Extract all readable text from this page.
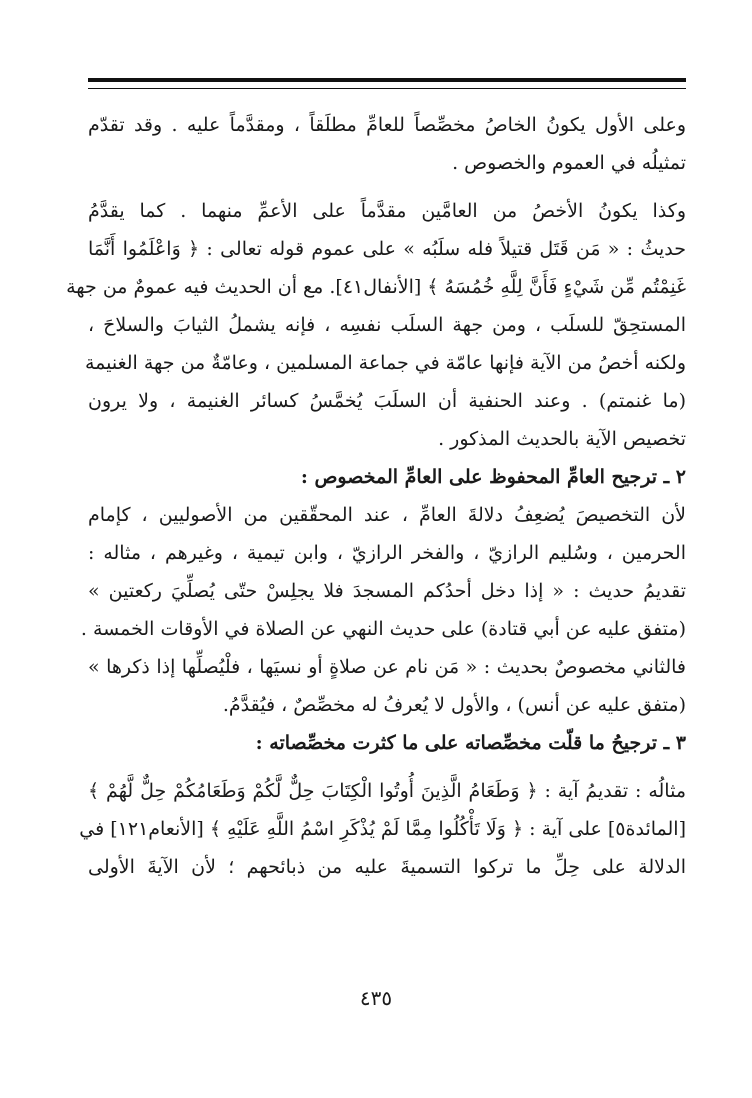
وعلى الأول يكونُ الخاصُ مخصِّصاً للعامِّ مطلَقاً ، ومقدَّماً عليه . وقد تقدّم
تمثيلُه في العموم والخصوص .
وكذا يكونُ الأخصُ من العامَّين مقدَّماً على الأعمِّ منهما . كما يقدَّمُ
حديثُ : « مَن قَتَل قتيلاً فله سلَبُه » على عموم قوله تعالى : ﴿ وَاعْلَمُوا أَنَّمَا
غَنِمْتُم مِّن شَيْءٍ فَأَنَّ لِلَّهِ خُمُسَهُ ﴾ [الأنفال٤١]. مع أن الحديث فيه عمومٌ من جهة
المستحِقّ للسلَب ، ومن جهة السلَب نفسِه ، فإنه يشملُ الثيابَ والسلاحَ ،
ولكنه أخصُ من الآية فإنها عامّة في جماعة المسلمين ، وعامّةٌ من جهة الغنيمة
(ما غنمتم) . وعند الحنفية أن السلَبَ يُخمَّسُ كسائر الغنيمة ، ولا يرون
تخصيص الآية بالحديث المذكور .
٢ ـ ترجيح العامِّ المحفوظ على العامِّ المخصوص :
لأن التخصيصَ يُضعِفُ دلالةَ العامِّ ، عند المحقّقين من الأصوليين ، كإمام
الحرمين ، وسُليم الرازيّ ، والفخر الرازيّ ، وابن تيمية ، وغيرهم ، مثاله :
تقديمُ حديث : « إذا دخل أحدُكم المسجدَ فلا يجلِسْ حتّى يُصلِّيَ ركعتين »
(متفق عليه عن أبي قتادة) على حديث النهي عن الصلاة في الأوقات الخمسة .
فالثاني مخصوصٌ بحديث : « مَن نام عن صلاةٍ أو نسيَها ، فلْيُصلِّها إذا ذكرها »
(متفق عليه عن أنس) ، والأول لا يُعرفُ له مخصِّصٌ ، فيُقدَّمُ.
٣ ـ ترجيحُ ما قلّت مخصِّصاته على ما كثرت مخصِّصاته :
مثالُه : تقديمُ آية : ﴿ وَطَعَامُ الَّذِينَ أُوتُوا الْكِتَابَ حِلٌّ لَّكُمْ وَطَعَامُكُمْ حِلٌّ لَّهُمْ ﴾
[المائدة٥] على آية : ﴿ وَلَا تَأْكُلُوا مِمَّا لَمْ يُذْكَرِ اسْمُ اللَّهِ عَلَيْهِ ﴾ [الأنعام١٢١] في
الدلالة على حِلِّ ما تركوا التسميةَ عليه من ذبائحهم ؛ لأن الآيةَ الأولى
٤٣٥
